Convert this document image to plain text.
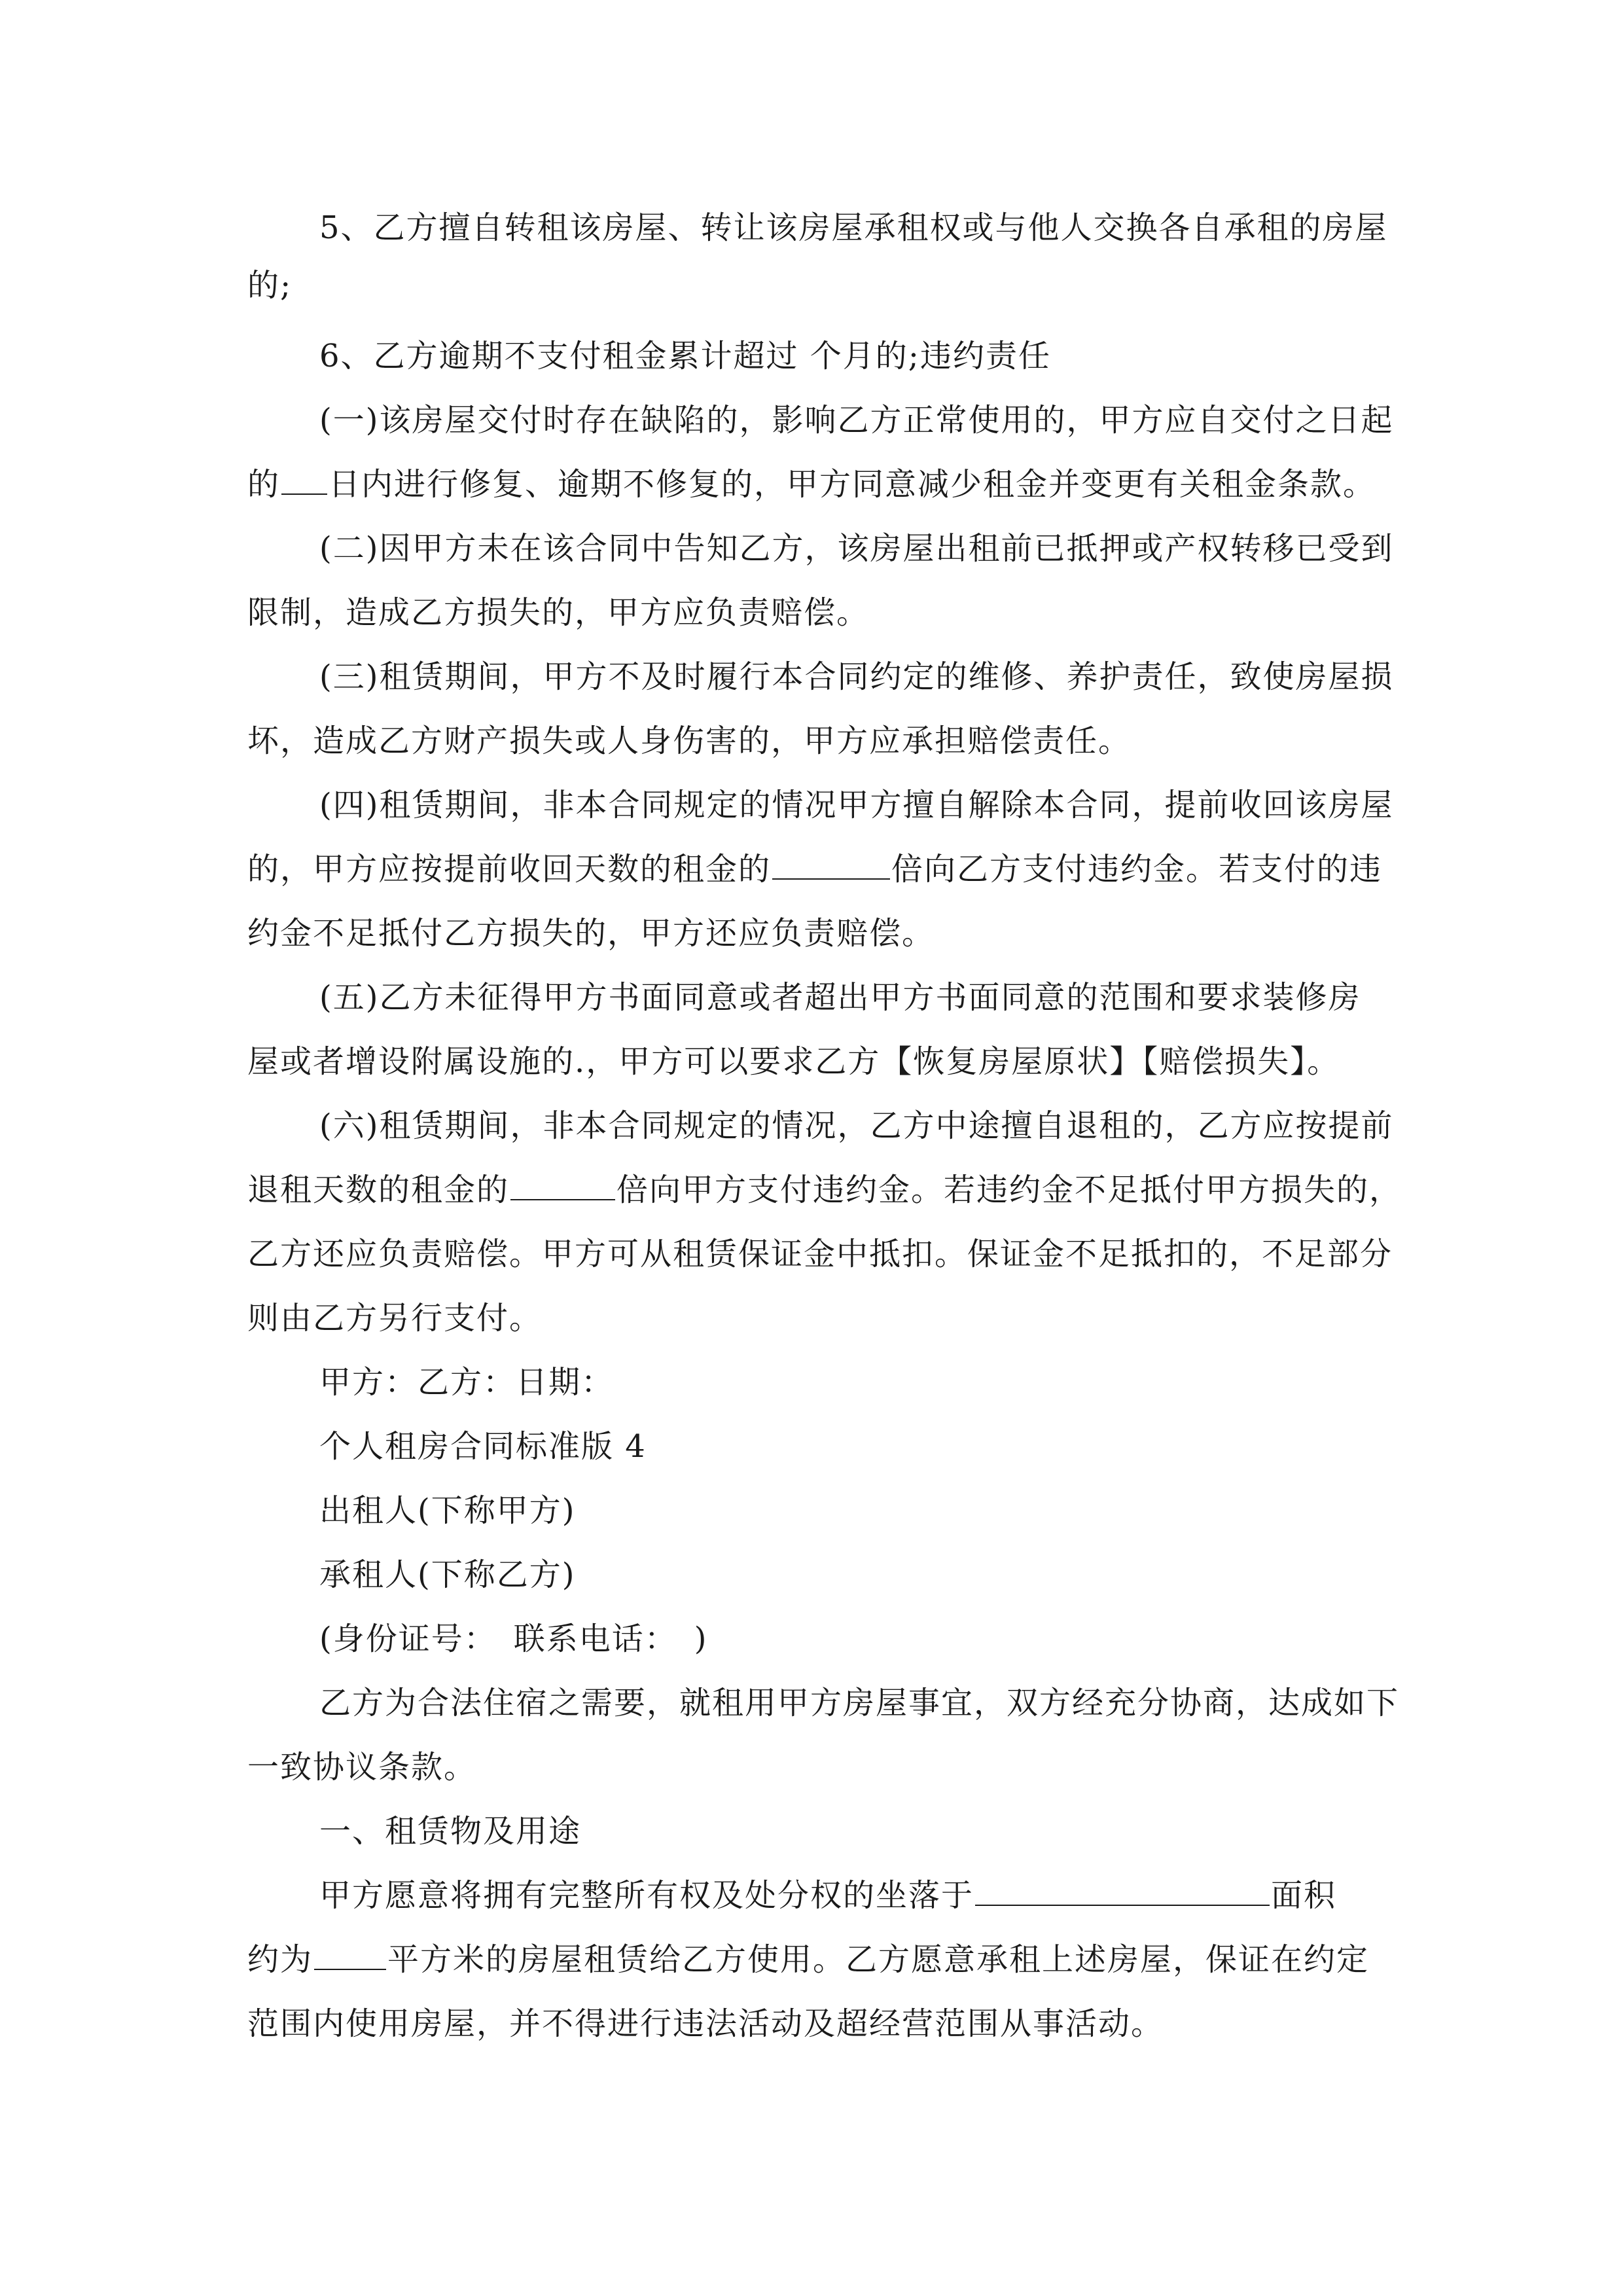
5、乙方擅自转租该房屋、转让该房屋承租权或与他人交换各自承租的房屋
的;
6、乙方逾期不支付租金累计超过 个月的;违约责任
(一)该房屋交付时存在缺陷的，影响乙方正常使用的，甲方应自交付之日起
的 日内进行修复、逾期不修复的，甲方同意减少租金并变更有关租金条款。
(二)因甲方未在该合同中告知乙方，该房屋出租前已抵押或产权转移已受到
限制，造成乙方损失的，甲方应负责赔偿。
(三)租赁期间，甲方不及时履行本合同约定的维修、养护责任，致使房屋损
坏，造成乙方财产损失或人身伤害的，甲方应承担赔偿责任。
(四)租赁期间，非本合同规定的情况甲方擅自解除本合同，提前收回该房屋
的，甲方应按提前收回天数的租金的	倍向乙方支付违约金。若支付的违
约金不足抵付乙方损失的，甲方还应负责赔偿。
(五)乙方未征得甲方书面同意或者超出甲方书面同意的范围和要求装修房
屋或者增设附属设施的.，甲方可以要求乙方【恢复房屋原状】【赔偿损失】。
(六)租赁期间，非本合同规定的情况，乙方中途擅自退租的，乙方应按提前
退租天数的租金的	倍向甲方支付违约金。若违约金不足抵付甲方损失的，
乙方还应负责赔偿。甲方可从租赁保证金中抵扣。保证金不足抵扣的，不足部分
则由乙方另行支付。
甲方：乙方：日期：
个人租房合同标准版 4
出租人(下称甲方)
承租人(下称乙方)
(身份证号：　联系电话：　)
乙方为合法住宿之需要，就租用甲方房屋事宜，双方经充分协商，达成如下
一致协议条款。
一、租赁物及用途
甲方愿意将拥有完整所有权及处分权的坐落于	面积
约为 平方米的房屋租赁给乙方使用。乙方愿意承租上述房屋，保证在约定
范围内使用房屋，并不得进行违法活动及超经营范围从事活动。
